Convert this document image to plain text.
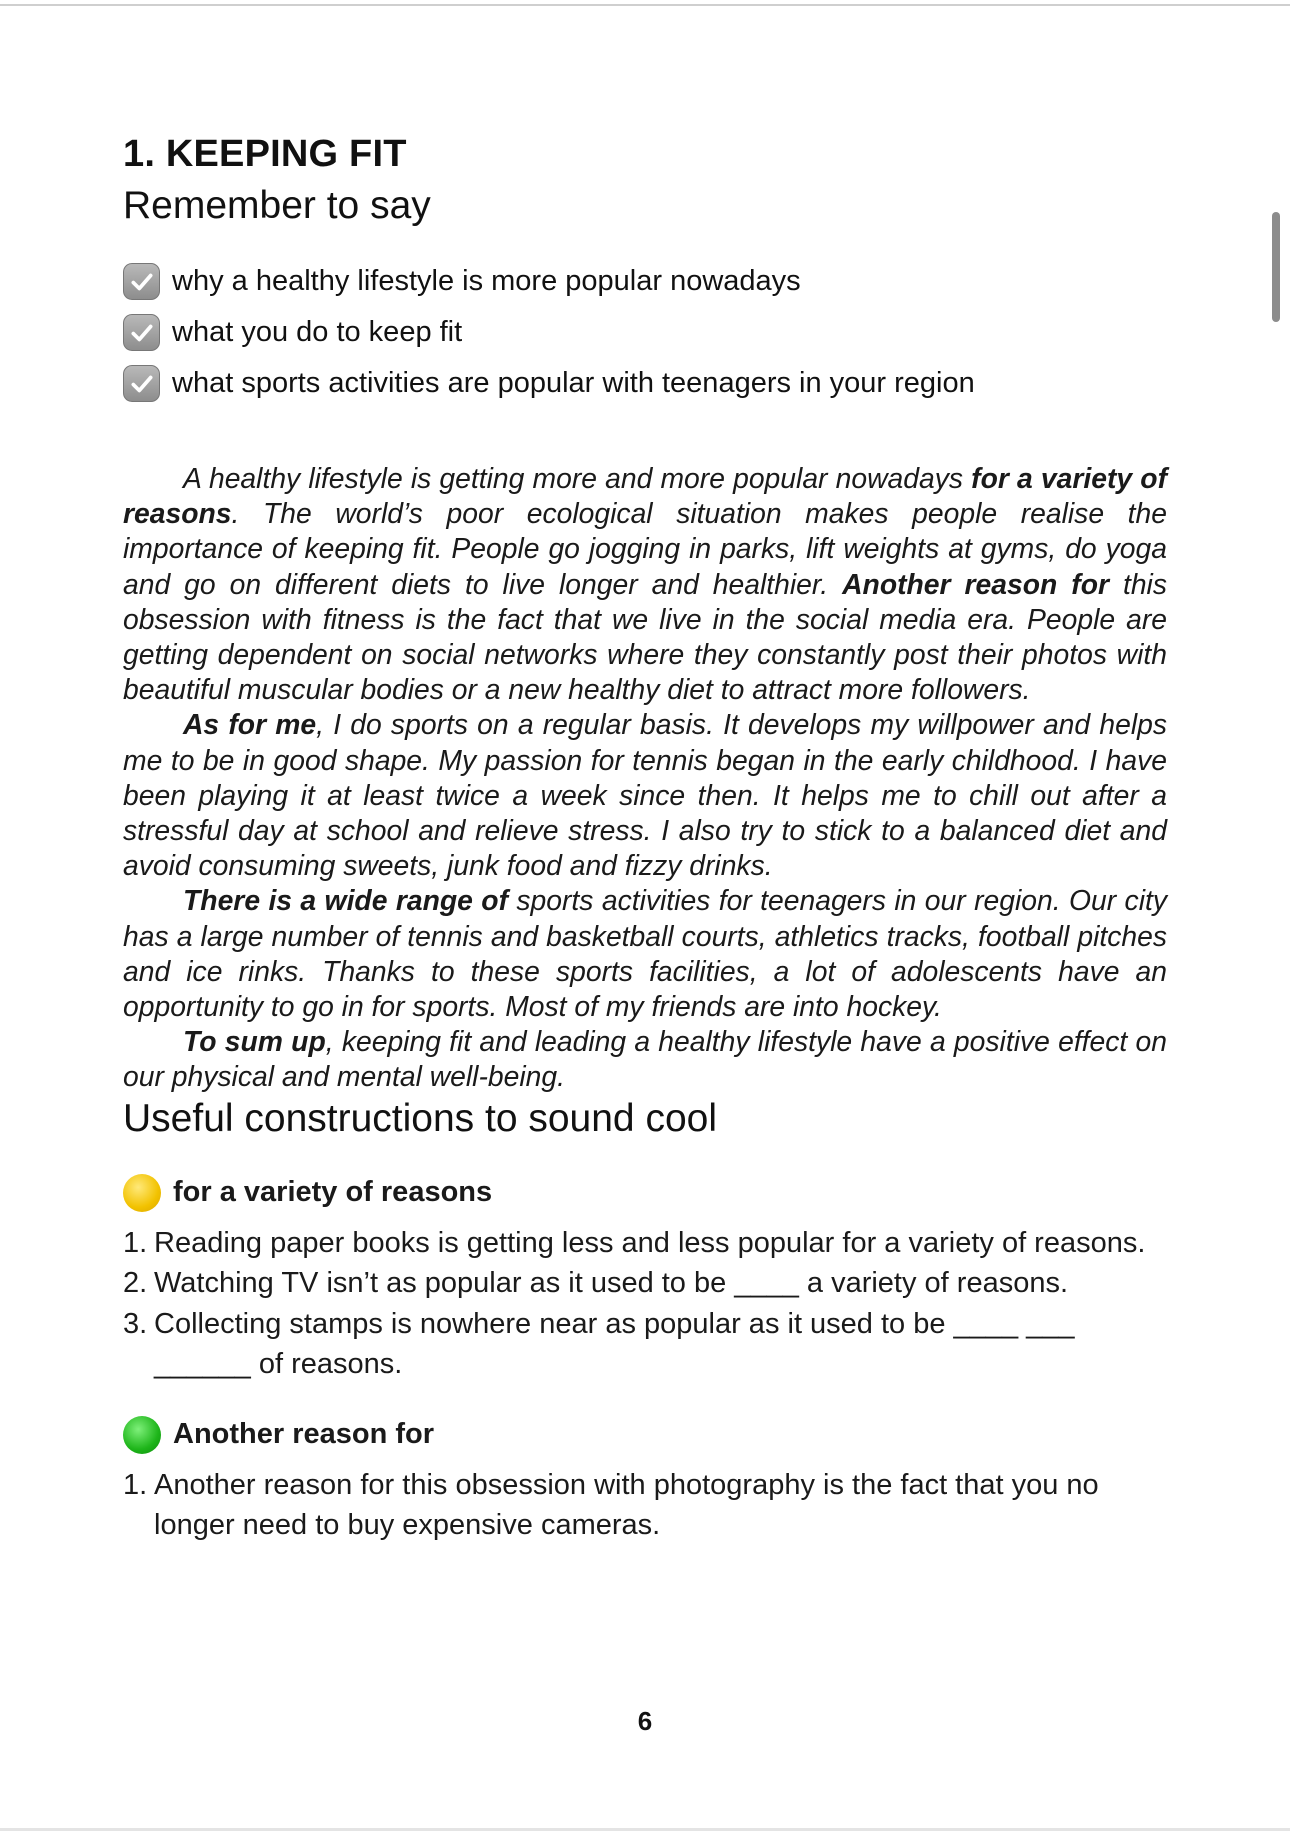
1. KEEPING FIT
Remember to say
why a healthy lifestyle is more popular nowadays
what you do to keep fit
what sports activities are popular with teenagers in your region

A healthy lifestyle is getting more and more popular nowadays for a variety of reasons. The world’s poor ecological situation makes people realise the importance of keeping fit. People go jogging in parks, lift weights at gyms, do yoga and go on different diets to live longer and healthier. Another reason for this obsession with fitness is the fact that we live in the social media era. People are getting dependent on social networks where they constantly post their photos with beautiful muscular bodies or a new healthy diet to attract more followers.

As for me, I do sports on a regular basis. It develops my willpower and helps me to be in good shape. My passion for tennis began in the early childhood. I have been playing it at least twice a week since then. It helps me to chill out after a stressful day at school and relieve stress. I also try to stick to a balanced diet and avoid consuming sweets, junk food and fizzy drinks.

There is a wide range of sports activities for teenagers in our region. Our city has a large number of tennis and basketball courts, athletics tracks, football pitches and ice rinks. Thanks to these sports facilities, a lot of adolescents have an opportunity to go in for sports. Most of my friends are into hockey.

To sum up, keeping fit and leading a healthy lifestyle have a positive effect on our physical and mental well-being.

Useful constructions to sound cool
for a variety of reasons
1. Reading paper books is getting less and less popular for a variety of reasons.
2. Watching TV isn’t as popular as it used to be ____ a variety of reasons.
3. Collecting stamps is nowhere near as popular as it used to be ____ ___ ______ of reasons.
Another reason for
1. Another reason for this obsession with photography is the fact that you no longer need to buy expensive cameras.
6
